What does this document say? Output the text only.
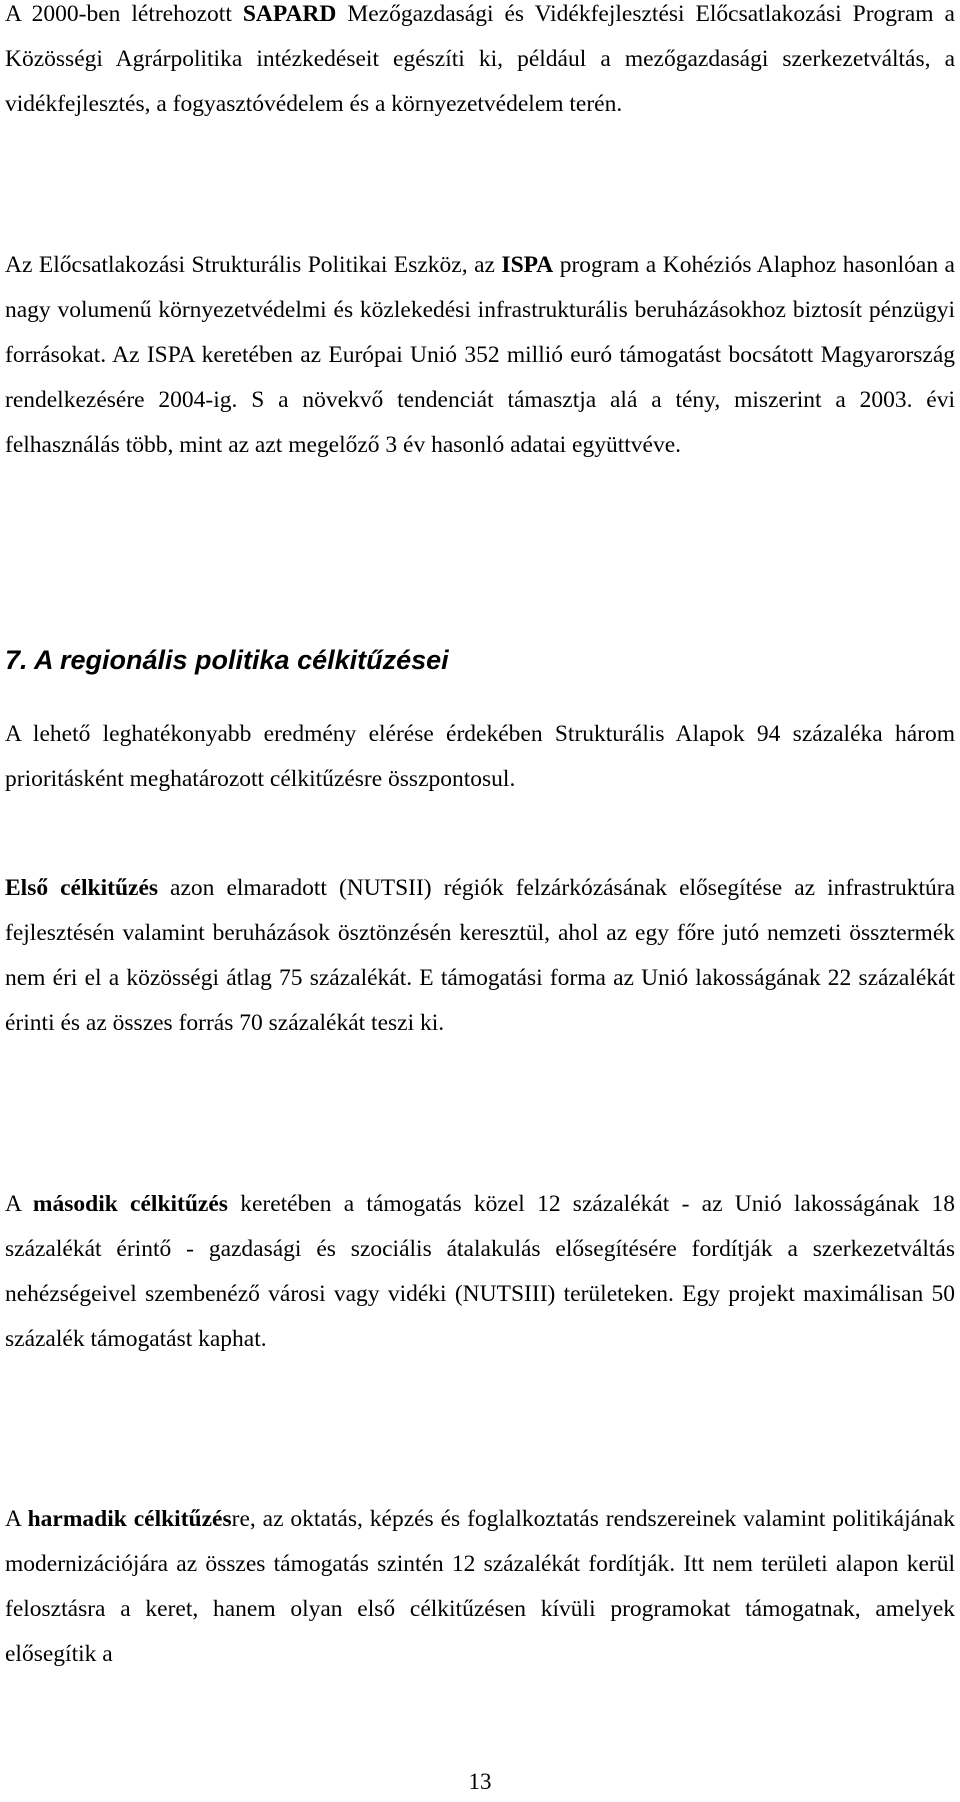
A 2000-ben létrehozott SAPARD Mezőgazdasági és Vidékfejlesztési Előcsatlakozási Program a Közösségi Agrárpolitika intézkedéseit egészíti ki, például a mezőgazdasági szerkezetváltás, a vidékfejlesztés, a fogyasztóvédelem és a környezetvédelem terén.

Az Előcsatlakozási Strukturális Politikai Eszköz, az ISPA program a Kohéziós Alaphoz hasonlóan a nagy volumenű környezetvédelmi és közlekedési infrastrukturális beruházásokhoz biztosít pénzügyi forrásokat. Az ISPA keretében az Európai Unió 352 millió euró támogatást bocsátott Magyarország rendelkezésére 2004-ig. S a növekvő tendenciát támasztja alá a tény, miszerint a 2003. évi felhasználás több, mint az azt megelőző 3 év hasonló adatai együttvéve.

7. A regionális politika célkitűzései

A lehető leghatékonyabb eredmény elérése érdekében Strukturális Alapok 94 százaléka három prioritásként meghatározott célkitűzésre összpontosul.

Első célkitűzés azon elmaradott (NUTSII) régiók felzárkózásának elősegítése az infrastruktúra fejlesztésén valamint beruházások ösztönzésén keresztül, ahol az egy főre jutó nemzeti össztermék nem éri el a közösségi átlag 75 százalékát. E támogatási forma az Unió lakosságának 22 százalékát érinti és az összes forrás 70 százalékát teszi ki.

A második célkitűzés keretében a támogatás közel 12 százalékát - az Unió lakosságának 18 százalékát érintő - gazdasági és szociális átalakulás elősegítésére fordítják a szerkezetváltás nehézségeivel szembenéző városi vagy vidéki (NUTSIII) területeken. Egy projekt maximálisan 50 százalék támogatást kaphat.

A harmadik célkitűzésre, az oktatás, képzés és foglalkoztatás rendszereinek valamint politikájának modernizációjára az összes támogatás szintén 12 százalékát fordítják. Itt nem területi alapon kerül felosztásra a keret, hanem olyan első célkitűzésen kívüli programokat támogatnak, amelyek elősegítik a

13
